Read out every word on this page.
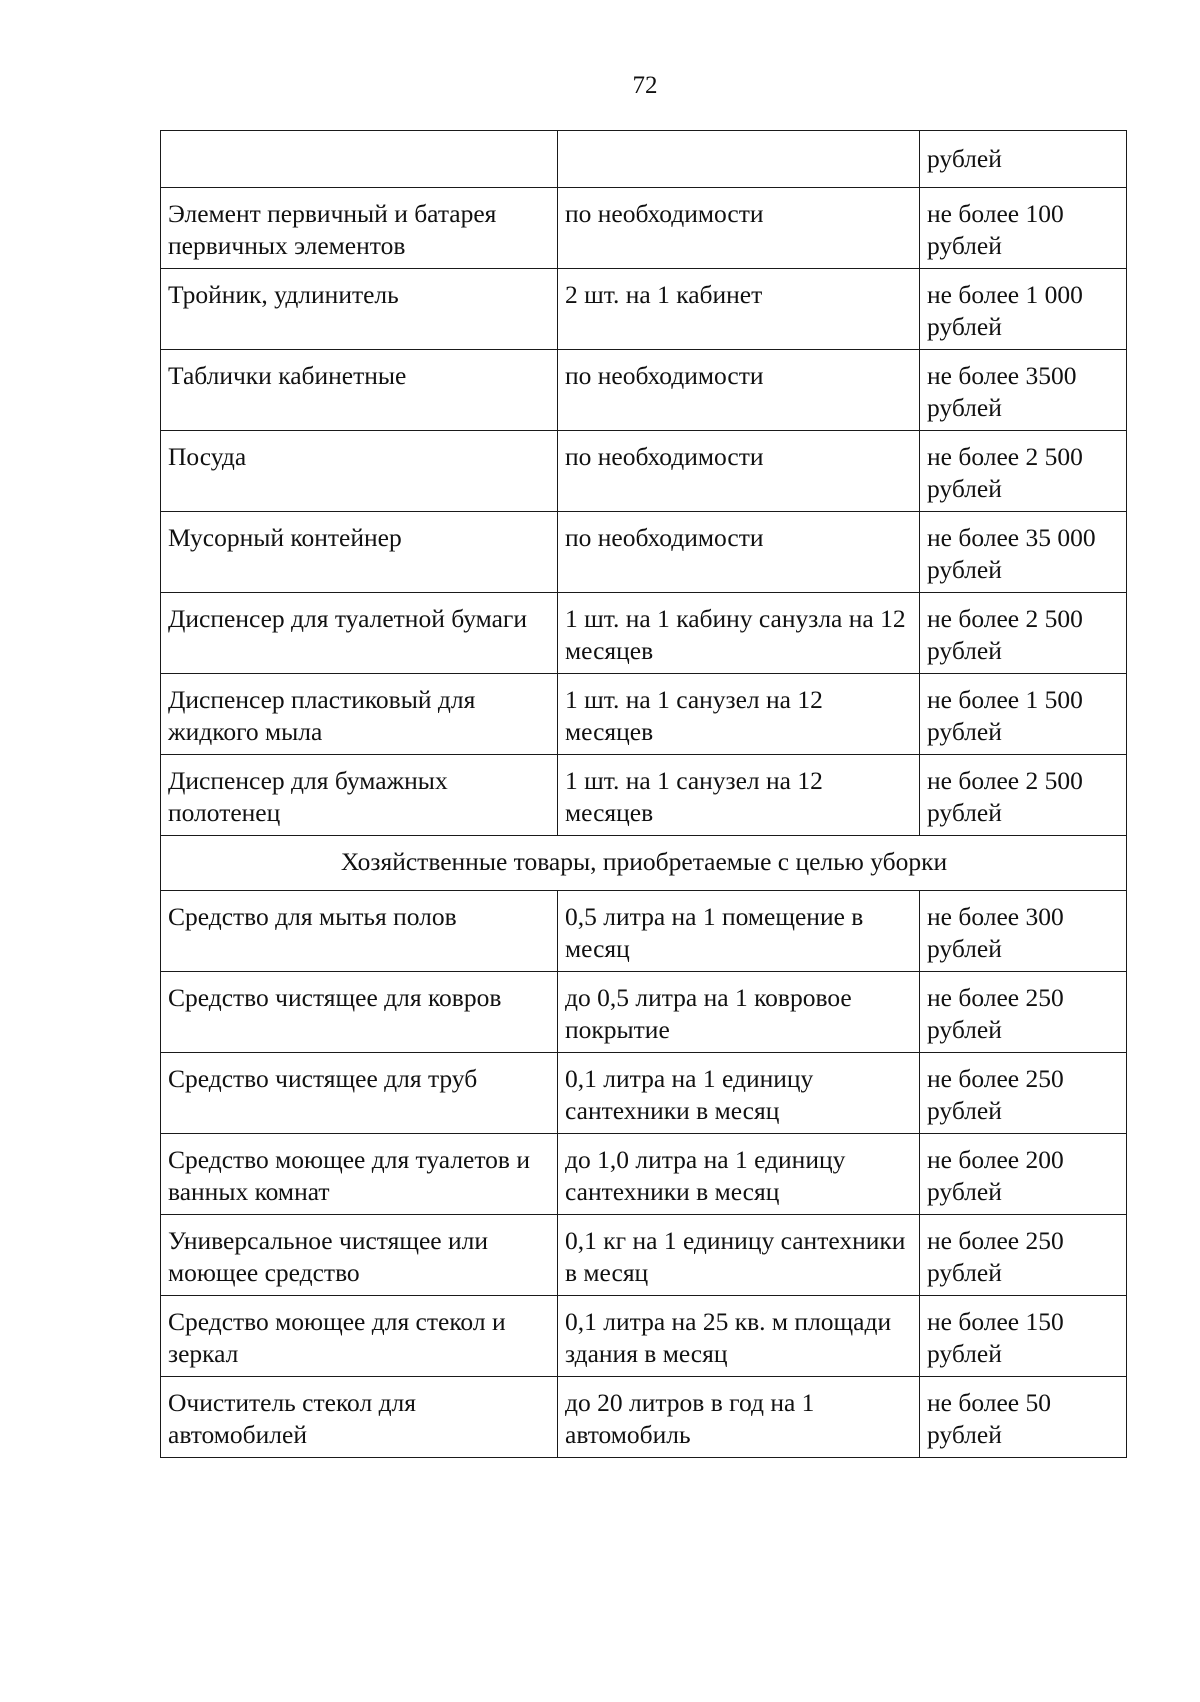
72
		рублей
Элемент первичный и батарея первичных элементов	по необходимости	не более 100 рублей
Тройник, удлинитель	2 шт. на 1 кабинет	не более 1 000 рублей
Таблички кабинетные	по необходимости	не более 3500 рублей
Посуда	по необходимости	не более 2 500 рублей
Мусорный контейнер	по необходимости	не более 35 000 рублей
Диспенсер для туалетной бумаги	1 шт. на 1 кабину санузла на 12 месяцев	не более 2 500 рублей
Диспенсер пластиковый для жидкого мыла	1 шт. на 1 санузел на 12 месяцев	не более 1 500 рублей
Диспенсер для бумажных полотенец	1 шт. на 1 санузел на 12 месяцев	не более 2 500 рублей
Хозяйственные товары, приобретаемые с целью уборки		
Средство для мытья полов	0,5 литра на 1 помещение в месяц	не более 300 рублей
Средство чистящее для ковров	до 0,5 литра на 1 ковровое покрытие	не более 250 рублей
Средство чистящее для труб	0,1 литра на 1 единицу сантехники в месяц	не более 250 рублей
Средство моющее для туалетов и ванных комнат	до 1,0 литра на 1 единицу сантехники в месяц	не более 200 рублей
Универсальное чистящее или моющее средство	0,1 кг на 1 единицу сантехники в месяц	не более 250 рублей
Средство моющее для стекол и зеркал	0,1 литра на 25 кв. м площади здания в месяц	не более 150 рублей
Очиститель стекол для автомобилей	до 20 литров в год на 1 автомобиль	не более 50 рублей
